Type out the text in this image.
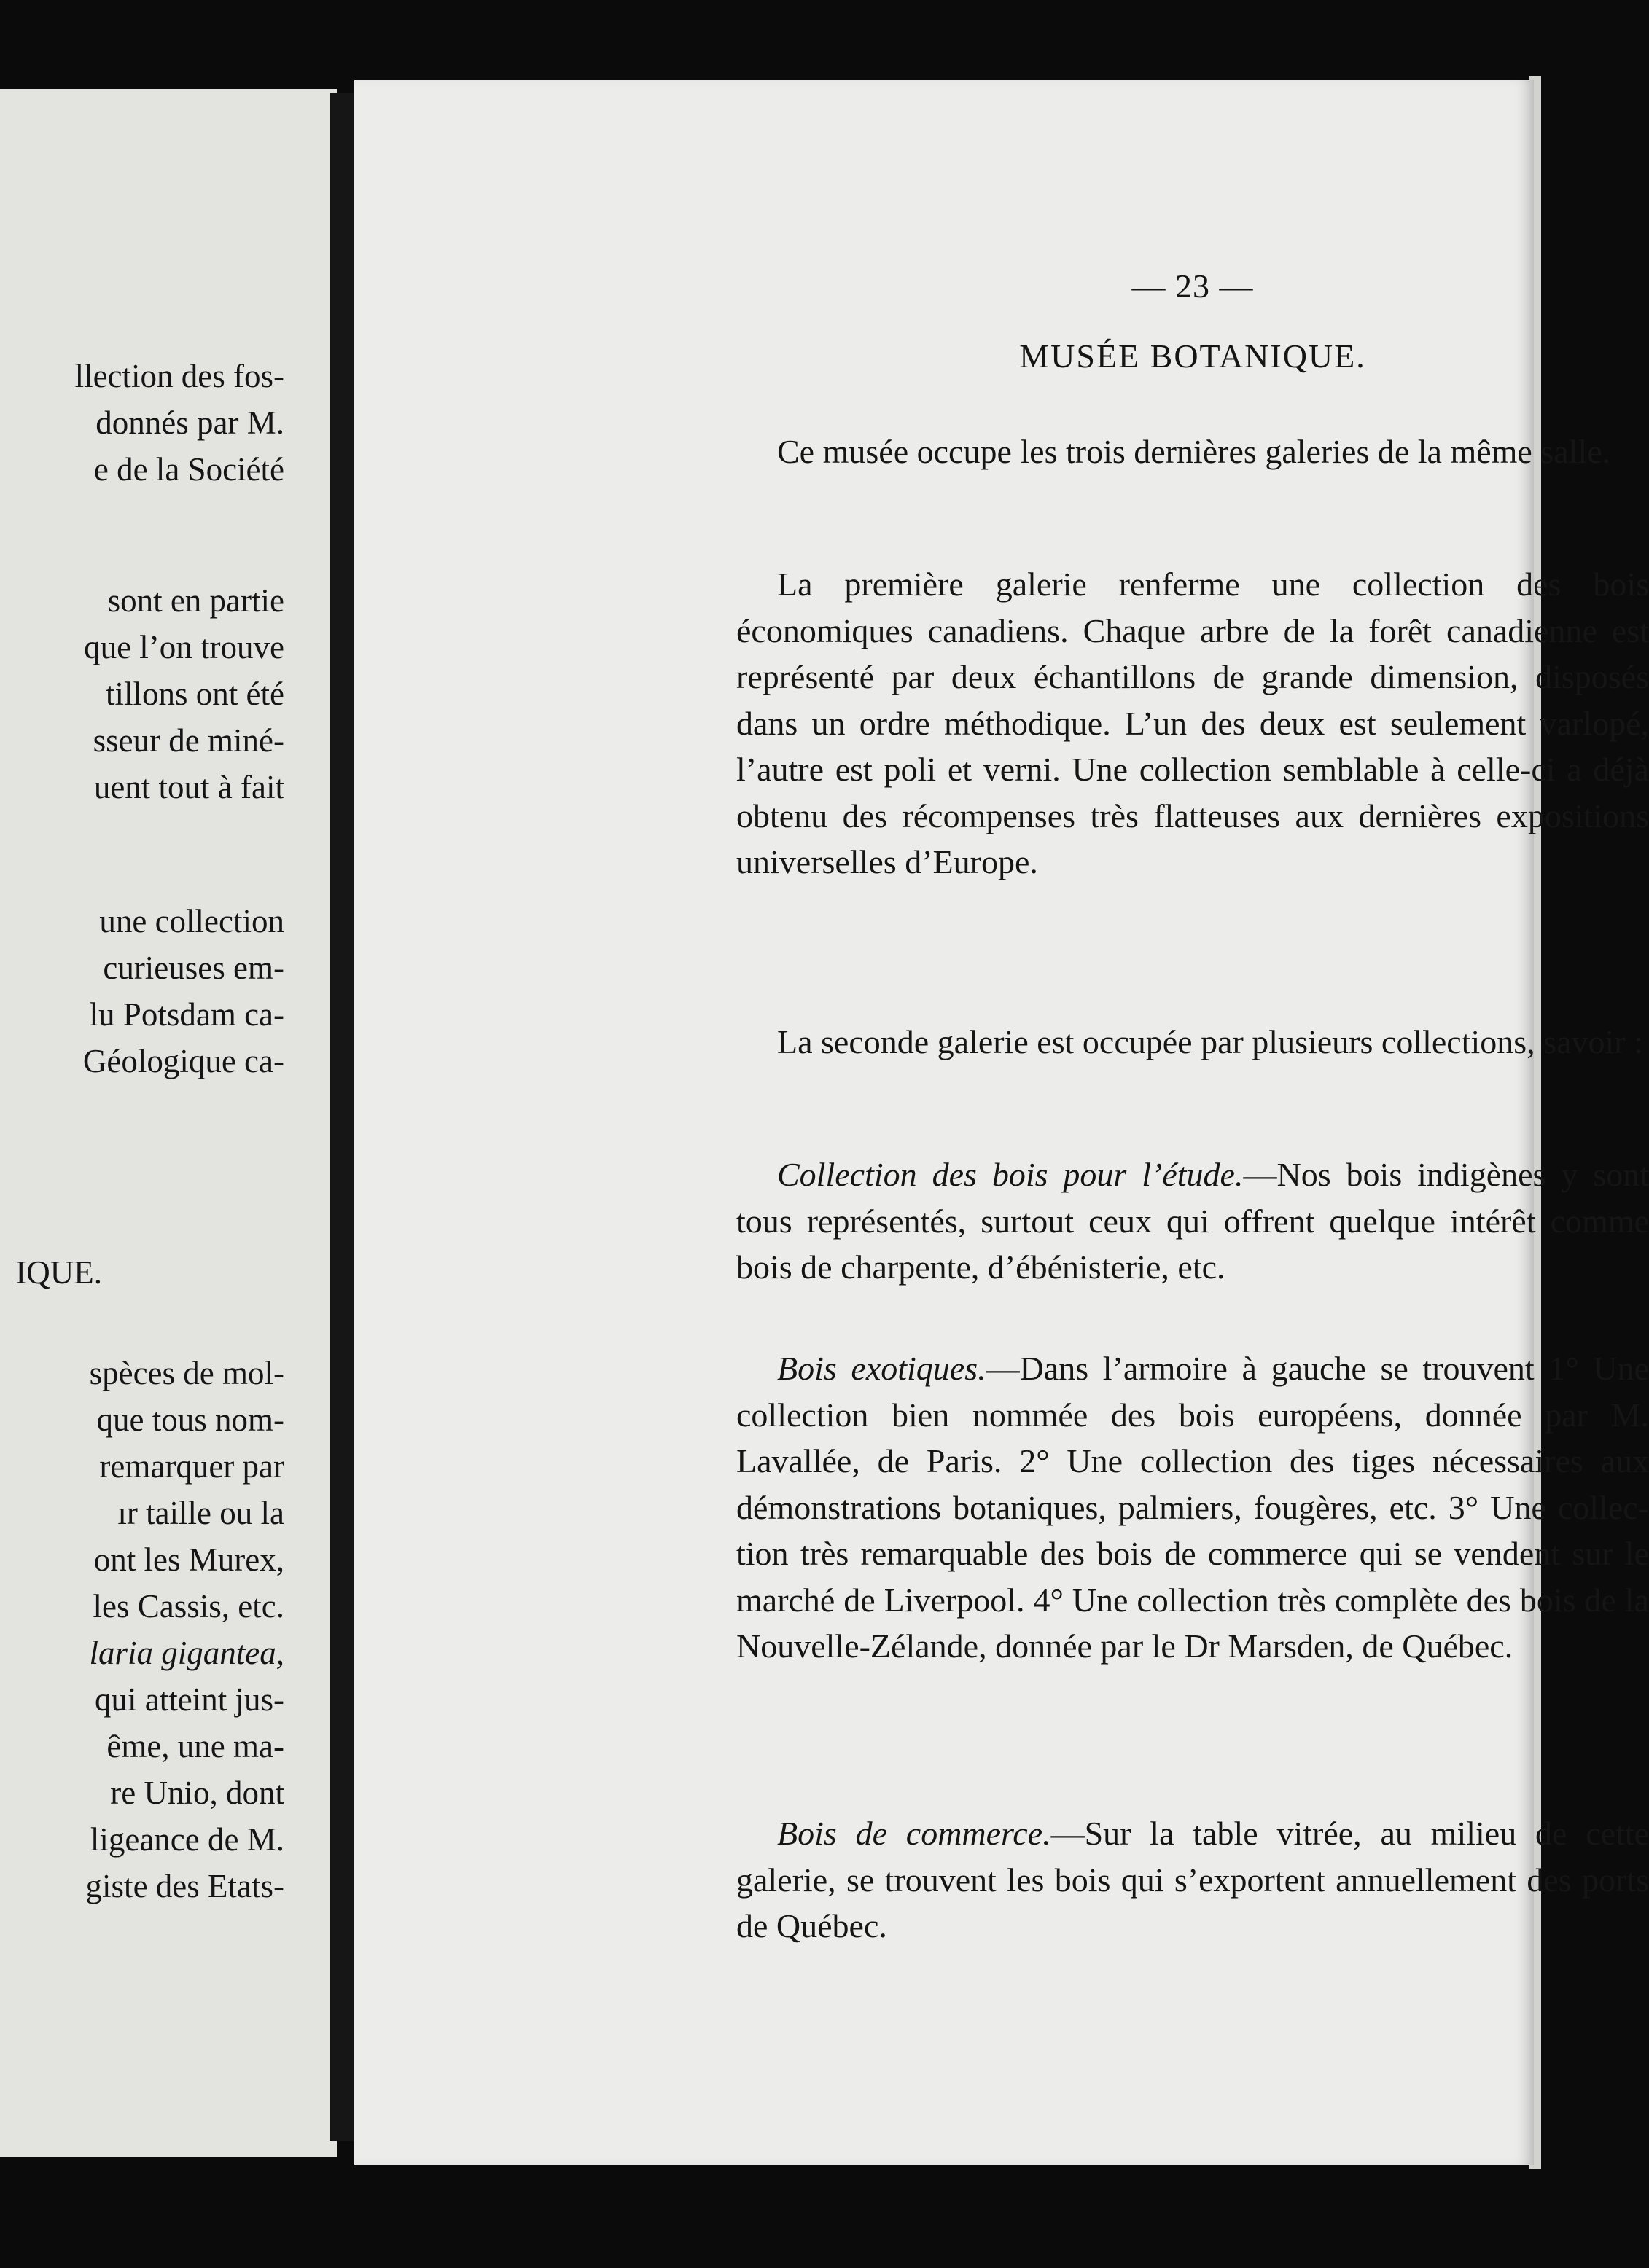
llection des fos-
donnés par M.
e de la Société
sont en partie
que l’on trouve
tillons ont été
sseur de miné-
uent tout à fait
une collection
curieuses em-
lu Potsdam ca-
Géologique ca-
IQUE.
spèces de mol-
que tous nom-
remarquer par
ır taille ou la
ont les Murex,
les Cassis, etc.
laria gigantea,
qui atteint jus-
ême, une ma-
re Unio, dont
ligeance de M.
giste des Etats-
— 23 —
MUSÉE BOTANIQUE.

Ce musée occupe les trois dernières galeries de la même salle.

La première galerie renferme une collection des bois économiques canadiens. Chaque arbre de la forêt canadienne est représenté par deux échantillons de grande dimension, disposés dans un ordre méthodique. L’un des deux est seulement varlopé, l’autre est poli et verni. Une collection semblable à celle-ci a déjà obtenu des récompenses très flatteuses aux dernières expositions universelles d’Europe.

La seconde galerie est occupée par plusieurs collections, savoir :

Collection des bois pour l’étude.—Nos bois indigènes y sont tous représentés, surtout ceux qui offrent quelque intérêt comme bois de charpente, d’ébénisterie, etc.

Bois exotiques.—Dans l’armoire à gauche se trouvent 1° Une collection bien nommée des bois européens, donnée par M. Lavallée, de Paris. 2° Une collection des tiges nécessaires aux démonstrations botaniques, palmiers, fougères, etc. 3° Une collection très remarquable des bois de commerce qui se vendent sur le marché de Liverpool. 4° Une collection très complète des bois de la Nouvelle-Zélande, donnée par le Dr Marsden, de Québec.

Bois de commerce.—Sur la table vitrée, au milieu de cette galerie, se trouvent les bois qui s’exportent annuellement des ports de Québec.
